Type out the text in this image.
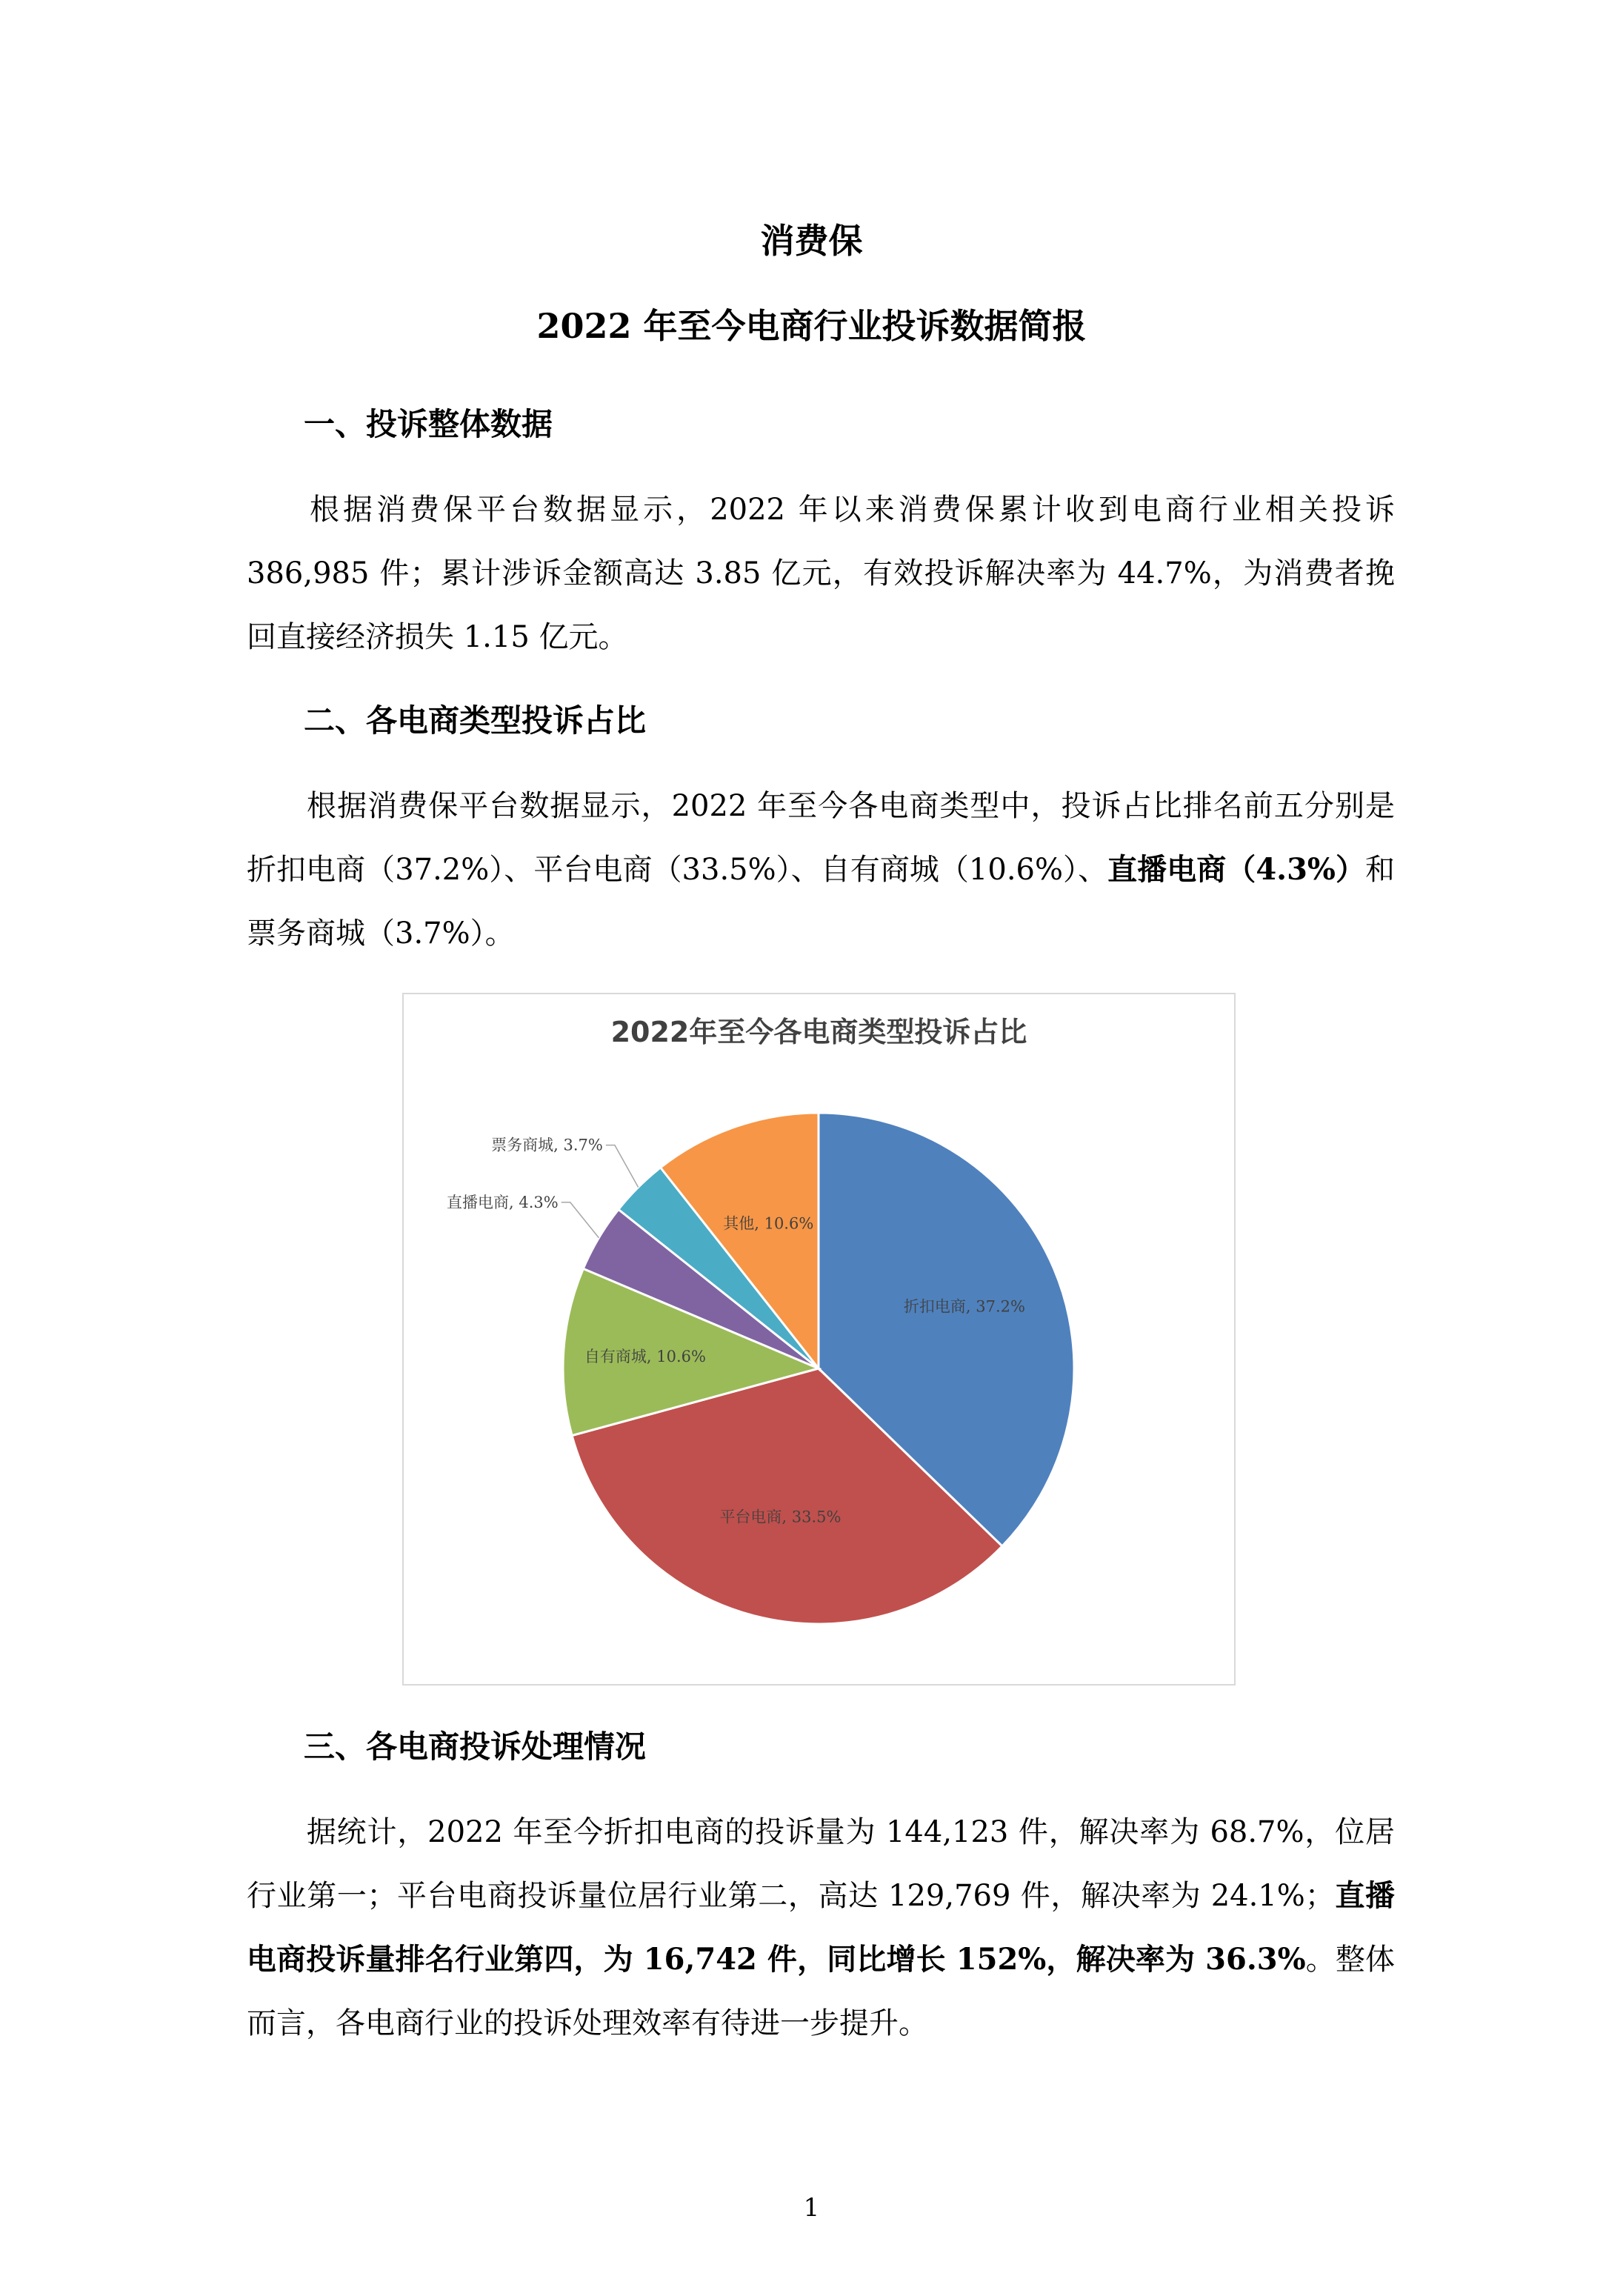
消费保
2022 年至今电商行业投诉数据简报
一、投诉整体数据
根据消费保平台数据显示，2022 年以来消费保累计收到电商行业相关投诉 386,985 件；累计涉诉金额高达 3.85 亿元，有效投诉解决率为 44.7%，为消费者挽回直接经济损失 1.15 亿元。
二、各电商类型投诉占比
根据消费保平台数据显示，2022 年至今各电商类型中，投诉占比排名前五分别是折扣电商（37.2%）、平台电商（33.5%）、自有商城（10.6%）、直播电商（4.3%）和票务商城（3.7%）。
2022年至今各电商类型投诉占比
折扣电商, 37.2%
平台电商, 33.5%
自有商城, 10.6%
直播电商, 4.3%
票务商城, 3.7%
其他, 10.6%
三、各电商投诉处理情况
据统计，2022 年至今折扣电商的投诉量为 144,123 件，解决率为 68.7%，位居行业第一；平台电商投诉量位居行业第二，高达 129,769 件，解决率为 24.1%；直播电商投诉量排名行业第四，为 16,742 件，同比增长 152%，解决率为 36.3%。整体而言，各电商行业的投诉处理效率有待进一步提升。
1
